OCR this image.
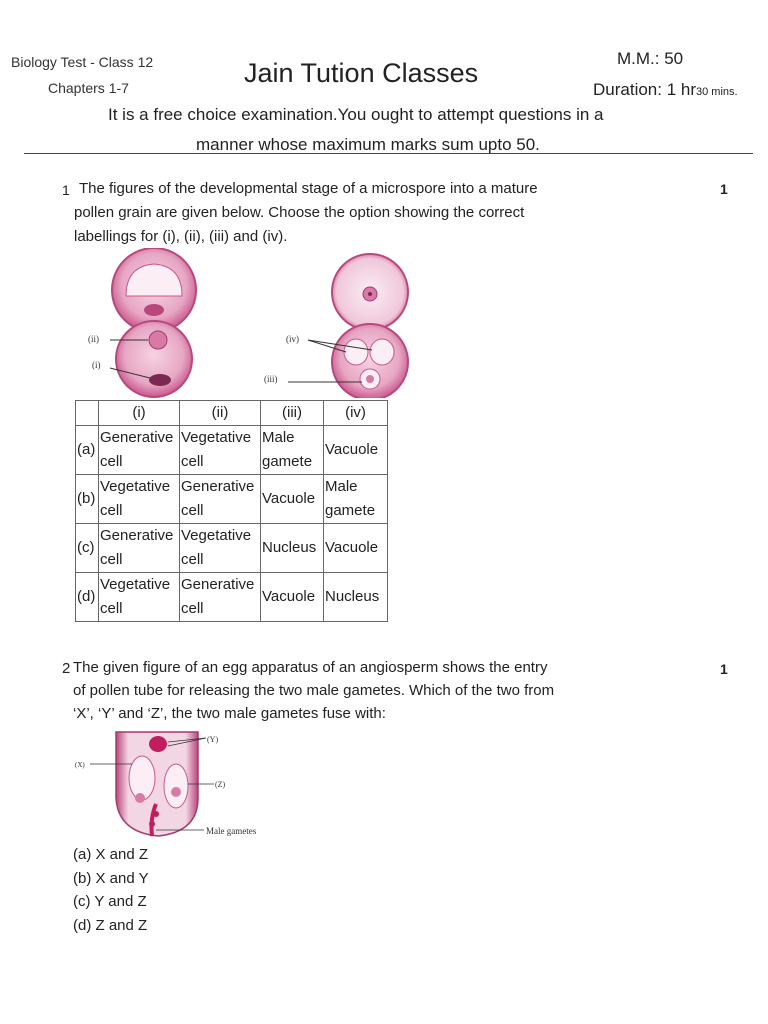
Biology Test - Class 12
Chapters 1-7	Jain Tution Classes	M.M.: 50
Duration: 1 hr30 mins.
It is a free choice examination.You ought to attempt questions in a
manner whose maximum marks sum upto 50.
1	1
The figures of the developmental stage of a microspore into a mature
pollen grain are given below. Choose the option showing the correct
labellings for (i), (ii), (iii) and (iv).
(ii)
(i)
(iv)
(iii)
	(i)	(ii)	(iii)	(iv)
(a)	Generative
cell	Vegetative
cell	Male
gamete	Vacuole
(b)	Vegetative
cell	Generative
cell	Vacuole	Male
gamete
(c)	Generative
cell	Vegetative
cell	Nucleus	Vacuole
(d)	Vegetative
cell	Generative
cell	Vacuole	Nucleus
2	1
The given figure of an egg apparatus of an angiosperm shows the entry
of pollen tube for releasing the two male gametes. Which of the two from
‘X’, ‘Y’ and ‘Z’, the two male gametes fuse with:
(Y)
(X)
(Z)
Male gametes
(a) X and Z
(b) X and Y
(c) Y and Z
(d) Z and Z
